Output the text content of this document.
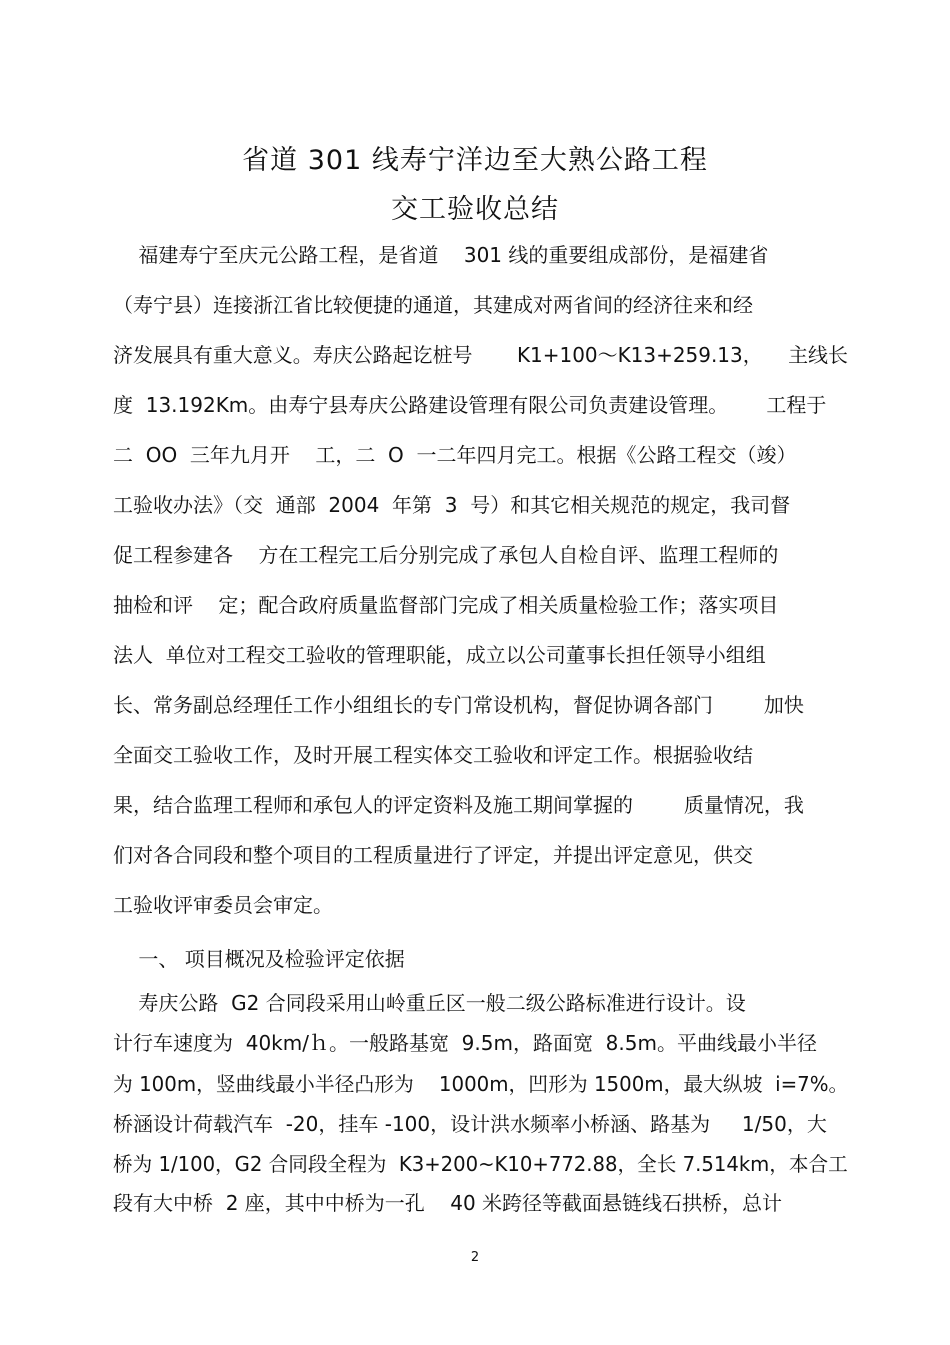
省道 301 线寿宁洋边至大熟公路工程
交工验收总结
福建寿宁至庆元公路工程，是省道    301 线的重要组成部份，是福建省
（寿宁县）连接浙江省比较便捷的通道，其建成对两省间的经济往来和经
济发展具有重大意义。寿庆公路起讫桩号       K1+100～K13+259.13，    主线长
度  13.192Km。由寿宁县寿庆公路建设管理有限公司负责建设管理。      工程于
二  OO  三年九月开    工，二  O  一二年四月完工。根据《公路工程交（竣）
工验收办法》（交  通部  2004  年第  3  号）和其它相关规范的规定，我司督
促工程参建各    方在工程完工后分别完成了承包人自检自评、监理工程师的
抽检和评    定；配合政府质量监督部门完成了相关质量检验工作；落实项目
法人  单位对工程交工验收的管理职能，成立以公司董事长担任领导小组组
长、常务副总经理任工作小组组长的专门常设机构，督促协调各部门        加快
全面交工验收工作，及时开展工程实体交工验收和评定工作。根据验收结
果，结合监理工程师和承包人的评定资料及施工期间掌握的        质量情况，我
们对各合同段和整个项目的工程质量进行了评定，并提出评定意见，供交
工验收评审委员会审定。
一、 项目概况及检验评定依据
寿庆公路  G2 合同段采用山岭重丘区一般二级公路标准进行设计。设
计行车速度为  40km/ｈ。一般路基宽  9.5m，路面宽  8.5m。平曲线最小半径
为 100m，竖曲线最小半径凸形为    1000m，凹形为 1500m，最大纵坡  i=7%。
桥涵设计荷载汽车  -20，挂车 -100，设计洪水频率小桥涵、路基为     1/50，大
桥为 1/100，G2 合同段全程为  K3+200~K10+772.88，全长 7.514km，本合工
段有大中桥  2 座，其中中桥为一孔    40 米跨径等截面悬链线石拱桥，总计
2
